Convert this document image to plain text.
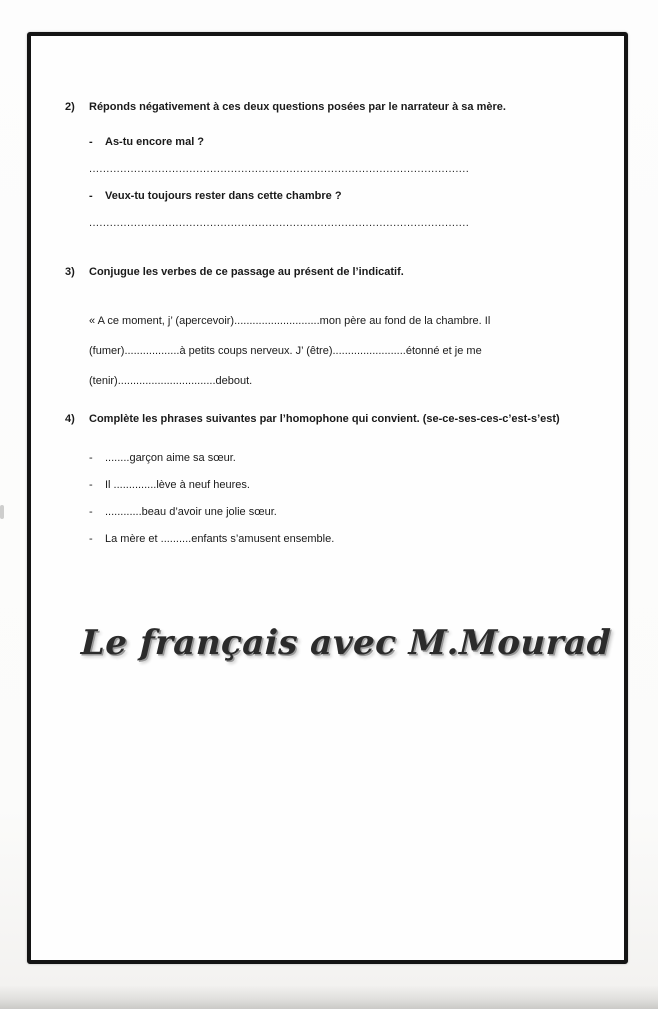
2)	Réponds négativement à ces deux questions posées par le narrateur à sa mère.
- As-tu encore mal ?
..............................................................................................................
- Veux-tu toujours rester dans cette chambre ?
..............................................................................................................
3)	Conjugue les verbes de ce passage au présent de l’indicatif.

« A ce moment, j’ (apercevoir)............................mon père au fond de la chambre. Il

(fumer)..................à petits coups nerveux. J’ (être)........................étonné et je me

(tenir)................................debout.

4)	Complète les phrases suivantes par l’homophone qui convient. (se-ce-ses-ces-c’est-s’est)
- ........garçon aime sa sœur.
- Il ..............lève à neuf heures.
- ............beau d’avoir une jolie sœur.
- La mère et ..........enfants s’amusent ensemble.
Le français avec M.Mourad
